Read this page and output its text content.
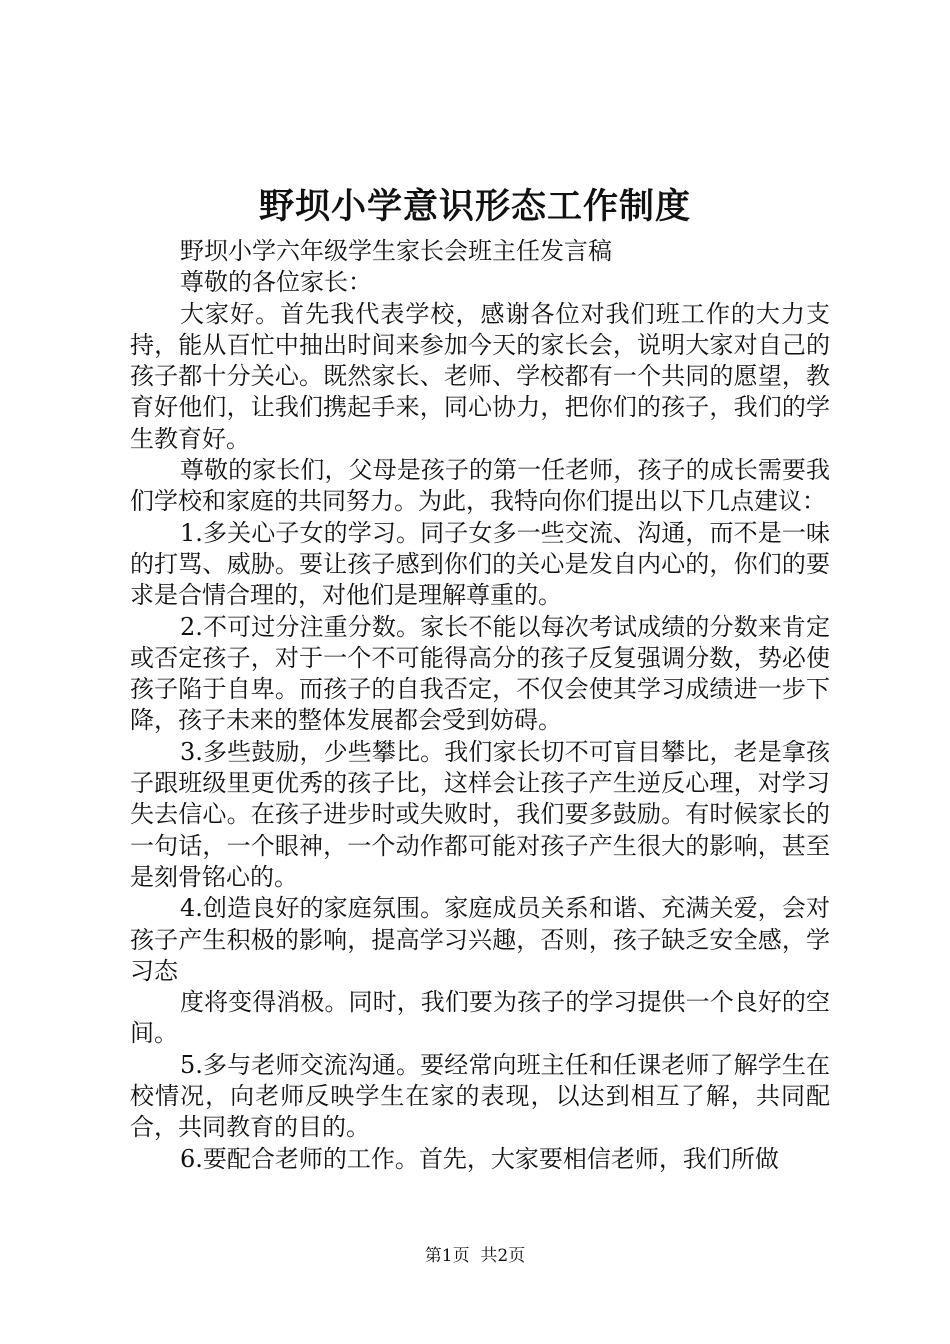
野坝小学意识形态工作制度

野坝小学六年级学生家长会班主任发言稿

尊敬的各位家长：

大家好。首先我代表学校，感谢各位对我们班工作的大力支持，能从百忙中抽出时间来参加今天的家长会，说明大家对自己的孩子都十分关心。既然家长、老师、学校都有一个共同的愿望，教育好他们，让我们携起手来，同心协力，把你们的孩子，我们的学生教育好。

尊敬的家长们，父母是孩子的第一任老师，孩子的成长需要我们学校和家庭的共同努力。为此，我特向你们提出以下几点建议：

1.多关心子女的学习。同子女多一些交流、沟通，而不是一味的打骂、威胁。要让孩子感到你们的关心是发自内心的，你们的要求是合情合理的，对他们是理解尊重的。

2.不可过分注重分数。家长不能以每次考试成绩的分数来肯定或否定孩子，对于一个不可能得高分的孩子反复强调分数，势必使孩子陷于自卑。而孩子的自我否定，不仅会使其学习成绩进一步下降，孩子未来的整体发展都会受到妨碍。

3.多些鼓励，少些攀比。我们家长切不可盲目攀比，老是拿孩子跟班级里更优秀的孩子比，这样会让孩子产生逆反心理，对学习失去信心。在孩子进步时或失败时，我们要多鼓励。有时候家长的一句话，一个眼神，一个动作都可能对孩子产生很大的影响，甚至是刻骨铭心的。

4.创造良好的家庭氛围。家庭成员关系和谐、充满关爱，会对孩子产生积极的影响，提高学习兴趣，否则，孩子缺乏安全感，学习态

度将变得消极。同时，我们要为孩子的学习提供一个良好的空间。

5.多与老师交流沟通。要经常向班主任和任课老师了解学生在校情况，向老师反映学生在家的表现，以达到相互了解，共同配合，共同教育的目的。

6.要配合老师的工作。首先，大家要相信老师，我们所做

第1页  共2页
